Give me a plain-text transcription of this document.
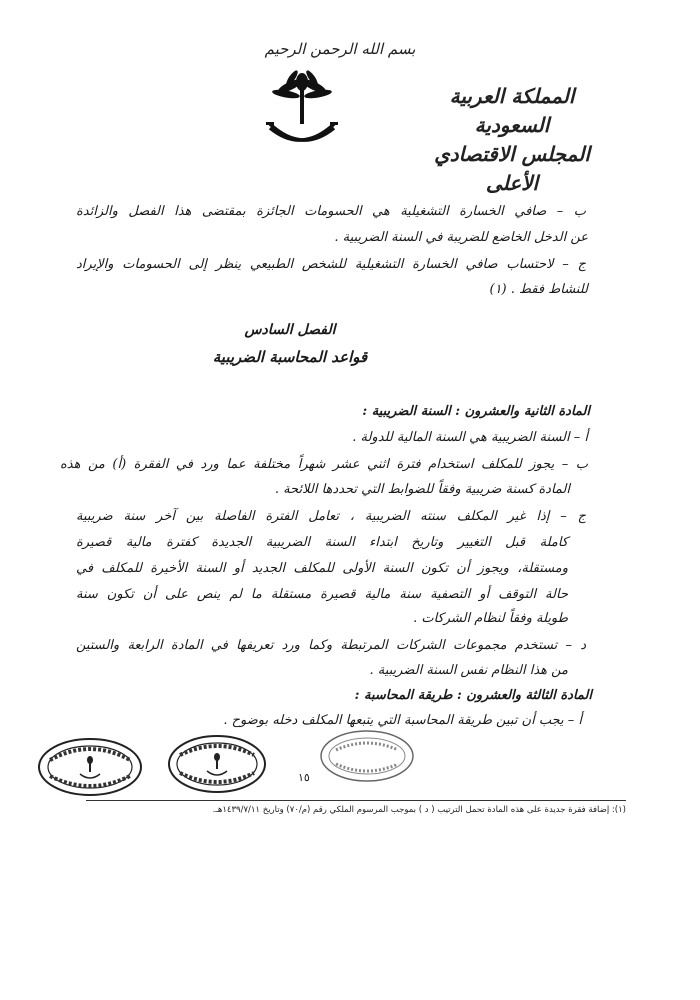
بسم الله الرحمن الرحيم
المملكة العربية السعودية
المجلس الاقتصادي الأعلى
ب – صافي الخسارة التشغيلية هي الحسومات الجائزة بمقتضى هذا الفصل والزائدة
عن الدخل الخاضع للضريبة في السنة الضريبية .
ج – لاحتساب صافي الخسارة التشغيلية للشخص الطبيعي ينظر إلى الحسومات والإيراد
للنشاط فقط . (١)
الفصل السادس
قواعد المحاسبة الضريبية
المادة الثانية والعشرون : السنة الضريبية :
أ – السنة الضريبية هي السنة المالية للدولة .
ب – يجوز للمكلف استخدام فترة اثني عشر شهراً مختلفة عما ورد في الفقرة (أ) من هذه
المادة كسنة ضريبية وفقاً للضوابط التي تحددها اللائحة .
ج – إذا غير المكلف سنته الضريبية ، تعامل الفترة الفاصلة بين آخر سنة ضريبية
كاملة قبل التغيير وتاريخ ابتداء السنة الضريبية الجديدة كفترة مالية قصيرة
ومستقلة، ويجوز أن تكون السنة الأولى للمكلف الجديد أو السنة الأخيرة للمكلف في
حالة التوقف أو التصفية سنة مالية قصيرة مستقلة ما لم ينص على أن تكون سنة
طويلة وفقاً لنظام الشركات .
د – تستخدم مجموعات الشركات المرتبطة وكما ورد تعريفها في المادة الرابعة والستين
من هذا النظام نفس السنة الضريبية .
المادة الثالثة والعشرون : طريقة المحاسبة :
أ – يجب أن تبين طريقة المحاسبة التي يتبعها المكلف دخله بوضوح .
١٥
(١): إضافة فقرة جديدة على هذه المادة تحمل الترتيب ( د ) بموجب المرسوم الملكي رقم (م/٧٠) وتاريخ ١٤٣٩/٧/١١هـ.
